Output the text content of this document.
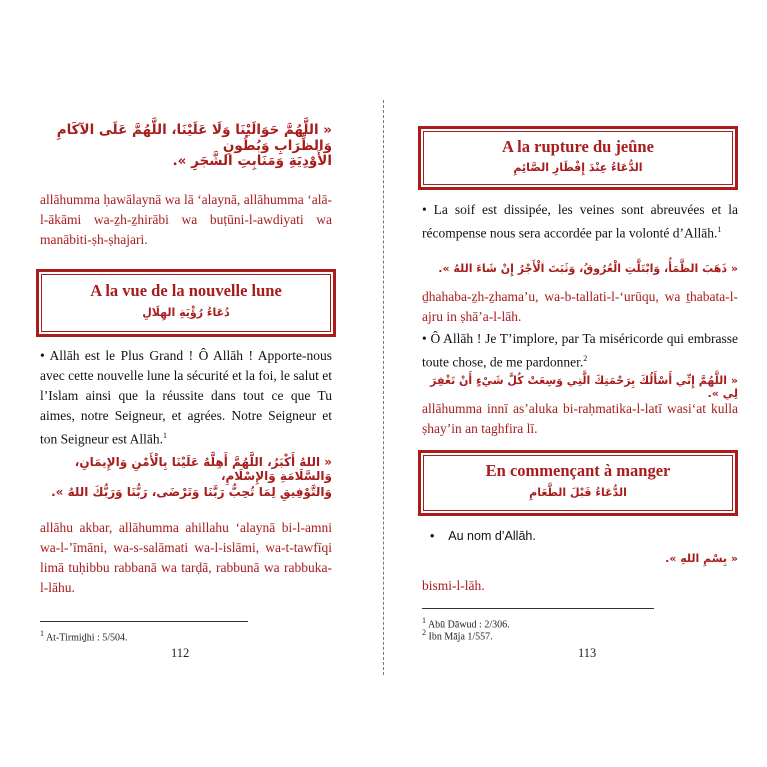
« اللَّهُمَّ حَوَالَيْنَا وَلَا عَلَيْنَا، اللَّهُمَّ عَلَى الآكَامِ وَالظِّرَابِ وَبُطُونِ
الأَوْدِيَةِ وَمَنَابِتِ الشَّجَرِ ».
allāhumma ḥawālaynā wa lā ‘alaynā, allāhumma ‘alā-l-ākāmi wa-ẕh-ẕhirābi wa buṭūni-l-awdiyati wa manābiti-ṣh-ṣhajari.
A la vue de la nouvelle lune
دُعَاءُ رُؤْيَةِ الهِلَالِ
• Allāh est le Plus Grand ! Ô Allāh ! Apporte-nous avec cette nouvelle lune la sécurité et la foi, le salut et l’Islam ainsi que la réussite dans tout ce que Tu aimes, notre Seigneur, et agrées. Notre Seigneur et ton Seigneur est Allāh.$^1$
« اللهُ أَكْبَرُ، اللَّهُمَّ أَهِلَّهُ عَلَيْنَا بِالْأَمْنِ وَالإِيمَانِ، وَالسَّلَامَةِ وَالإِسْلَامِ،
وَالتَّوْفِيقِ لِمَا تُحِبُّ رَبَّنَا وَتَرْضَى، رَبُّنَا وَرَبُّكَ اللهُ ».
allāhu akbar, allāhumma ahillahu ‘alaynā bi-l-amni wa-l-’īmāni, wa-s-salāmati wa-l-islāmi, wa-t-tawfīqi limā tuḥibbu rabbanā wa tarḍā, rabbunā wa rabbuka-l-lāhu.
$^1$ At-Tirmiḏhi : 5/504.
112
A la rupture du jeûne
الدُّعَاءُ عِنْدَ إِفْطَارِ الصَّائِمِ
• La soif est dissipée, les veines sont abreuvées et la récompense nous sera accordée par la volonté d’Allāh.$^1$
« ذَهَبَ الظَّمَأُ، وَابْتَلَّتِ الْعُرُوقُ، وَثَبَتَ الْأَجْرُ إِنْ شَاءَ اللهُ ».
ḏhahaba-ẕh-ẕhama’u, wa-b-tallati-l-‘urūqu, wa ṯhabata-l-ajru in ṣhā’a-l-lāh.
• Ô Allāh ! Je T’implore, par Ta miséricorde qui embrasse toute chose, de me pardonner.$^2$
« اللَّهُمَّ إِنِّي أَسْأَلُكَ بِرَحْمَتِكَ الَّتِي وَسِعَتْ كُلَّ شَيْءٍ أَنْ تَغْفِرَ لِي ».
allāhumma innī as’aluka bi-raḥmatika-l-latī wasi‘at kulla ṣhay’in an taghfira lī.
En commençant à manger
الدُّعَاءُ قَبْلَ الطَّعَامِ
•    Au nom d’Allāh.
« بِسْمِ اللهِ ».
bismi-l-lāh.
$^1$ Abū Dāwud : 2/306.
$^2$ Ibn Māja 1/557.
113
